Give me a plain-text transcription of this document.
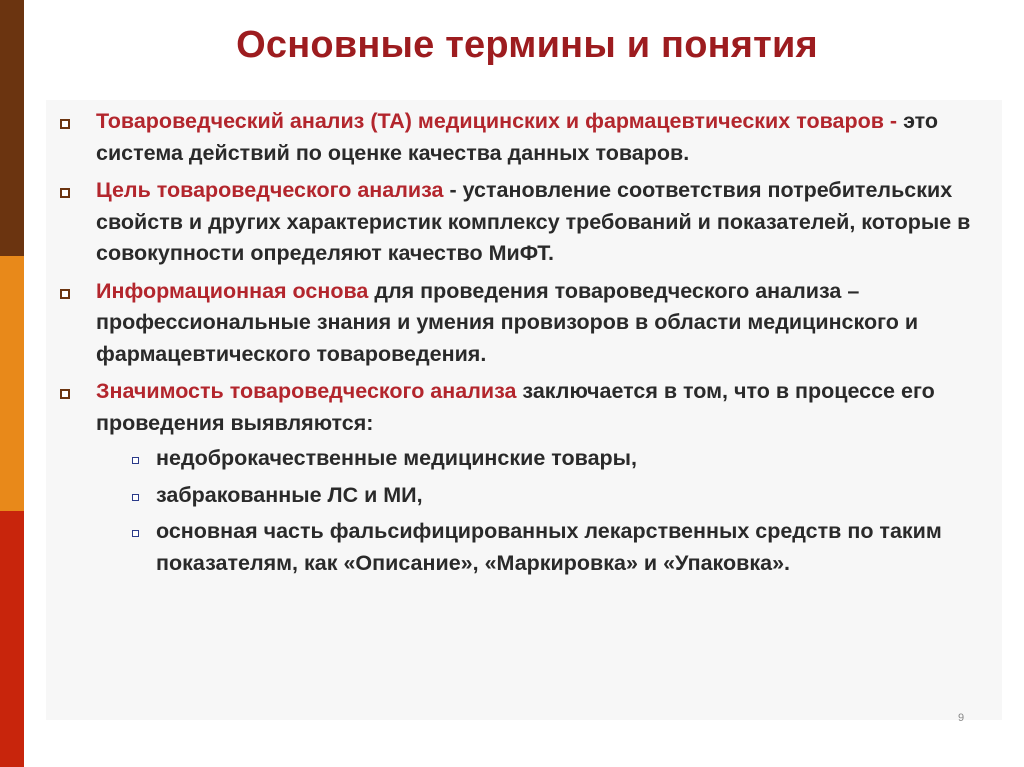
Основные термины и понятия
Товароведческий анализ (ТА) медицинских и фармацевтических товаров - это система действий по оценке качества данных товаров.
Цель товароведческого анализа - установление соответствия потребительских свойств и других характеристик комплексу требований и показателей, которые в совокупности определяют качество МиФТ.
Информационная основа для проведения товароведческого анализа – профессиональные знания и умения провизоров в области медицинского и фармацевтического товароведения.
Значимость товароведческого анализа заключается в том, что в процессе его проведения выявляются:
недоброкачественные медицинские товары,
забракованные ЛС и МИ,
основная часть фальсифицированных лекарственных средств по таким показателям, как «Описание», «Маркировка» и «Упаковка».
9
